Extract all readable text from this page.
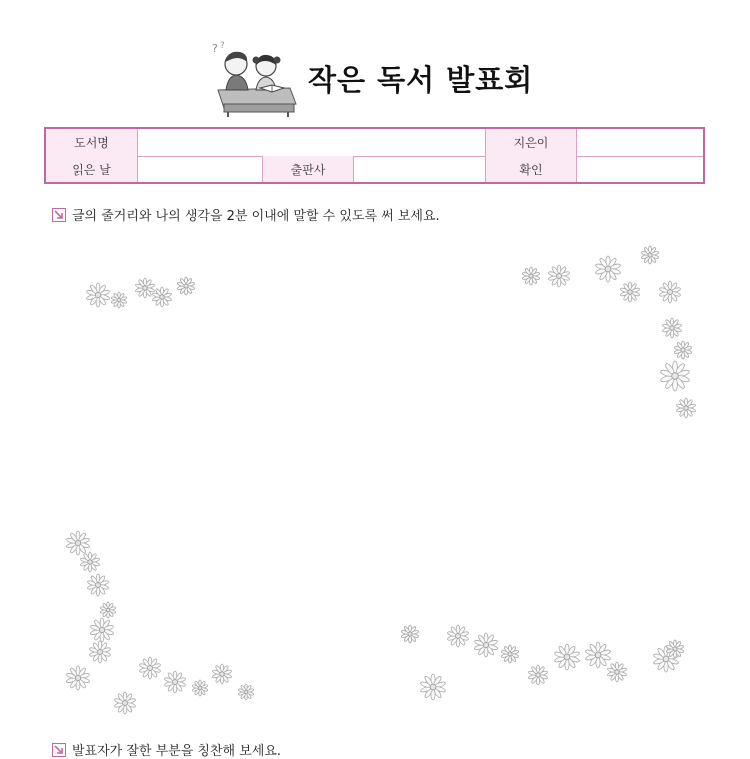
? ?
작은 독서 발표회
도서명	지은이
읽은 날	출판사	확인
글의 줄거리와 나의 생각을 2분 이내에 말할 수 있도록 써 보세요.
발표자가 잘한 부분을 칭찬해 보세요.
